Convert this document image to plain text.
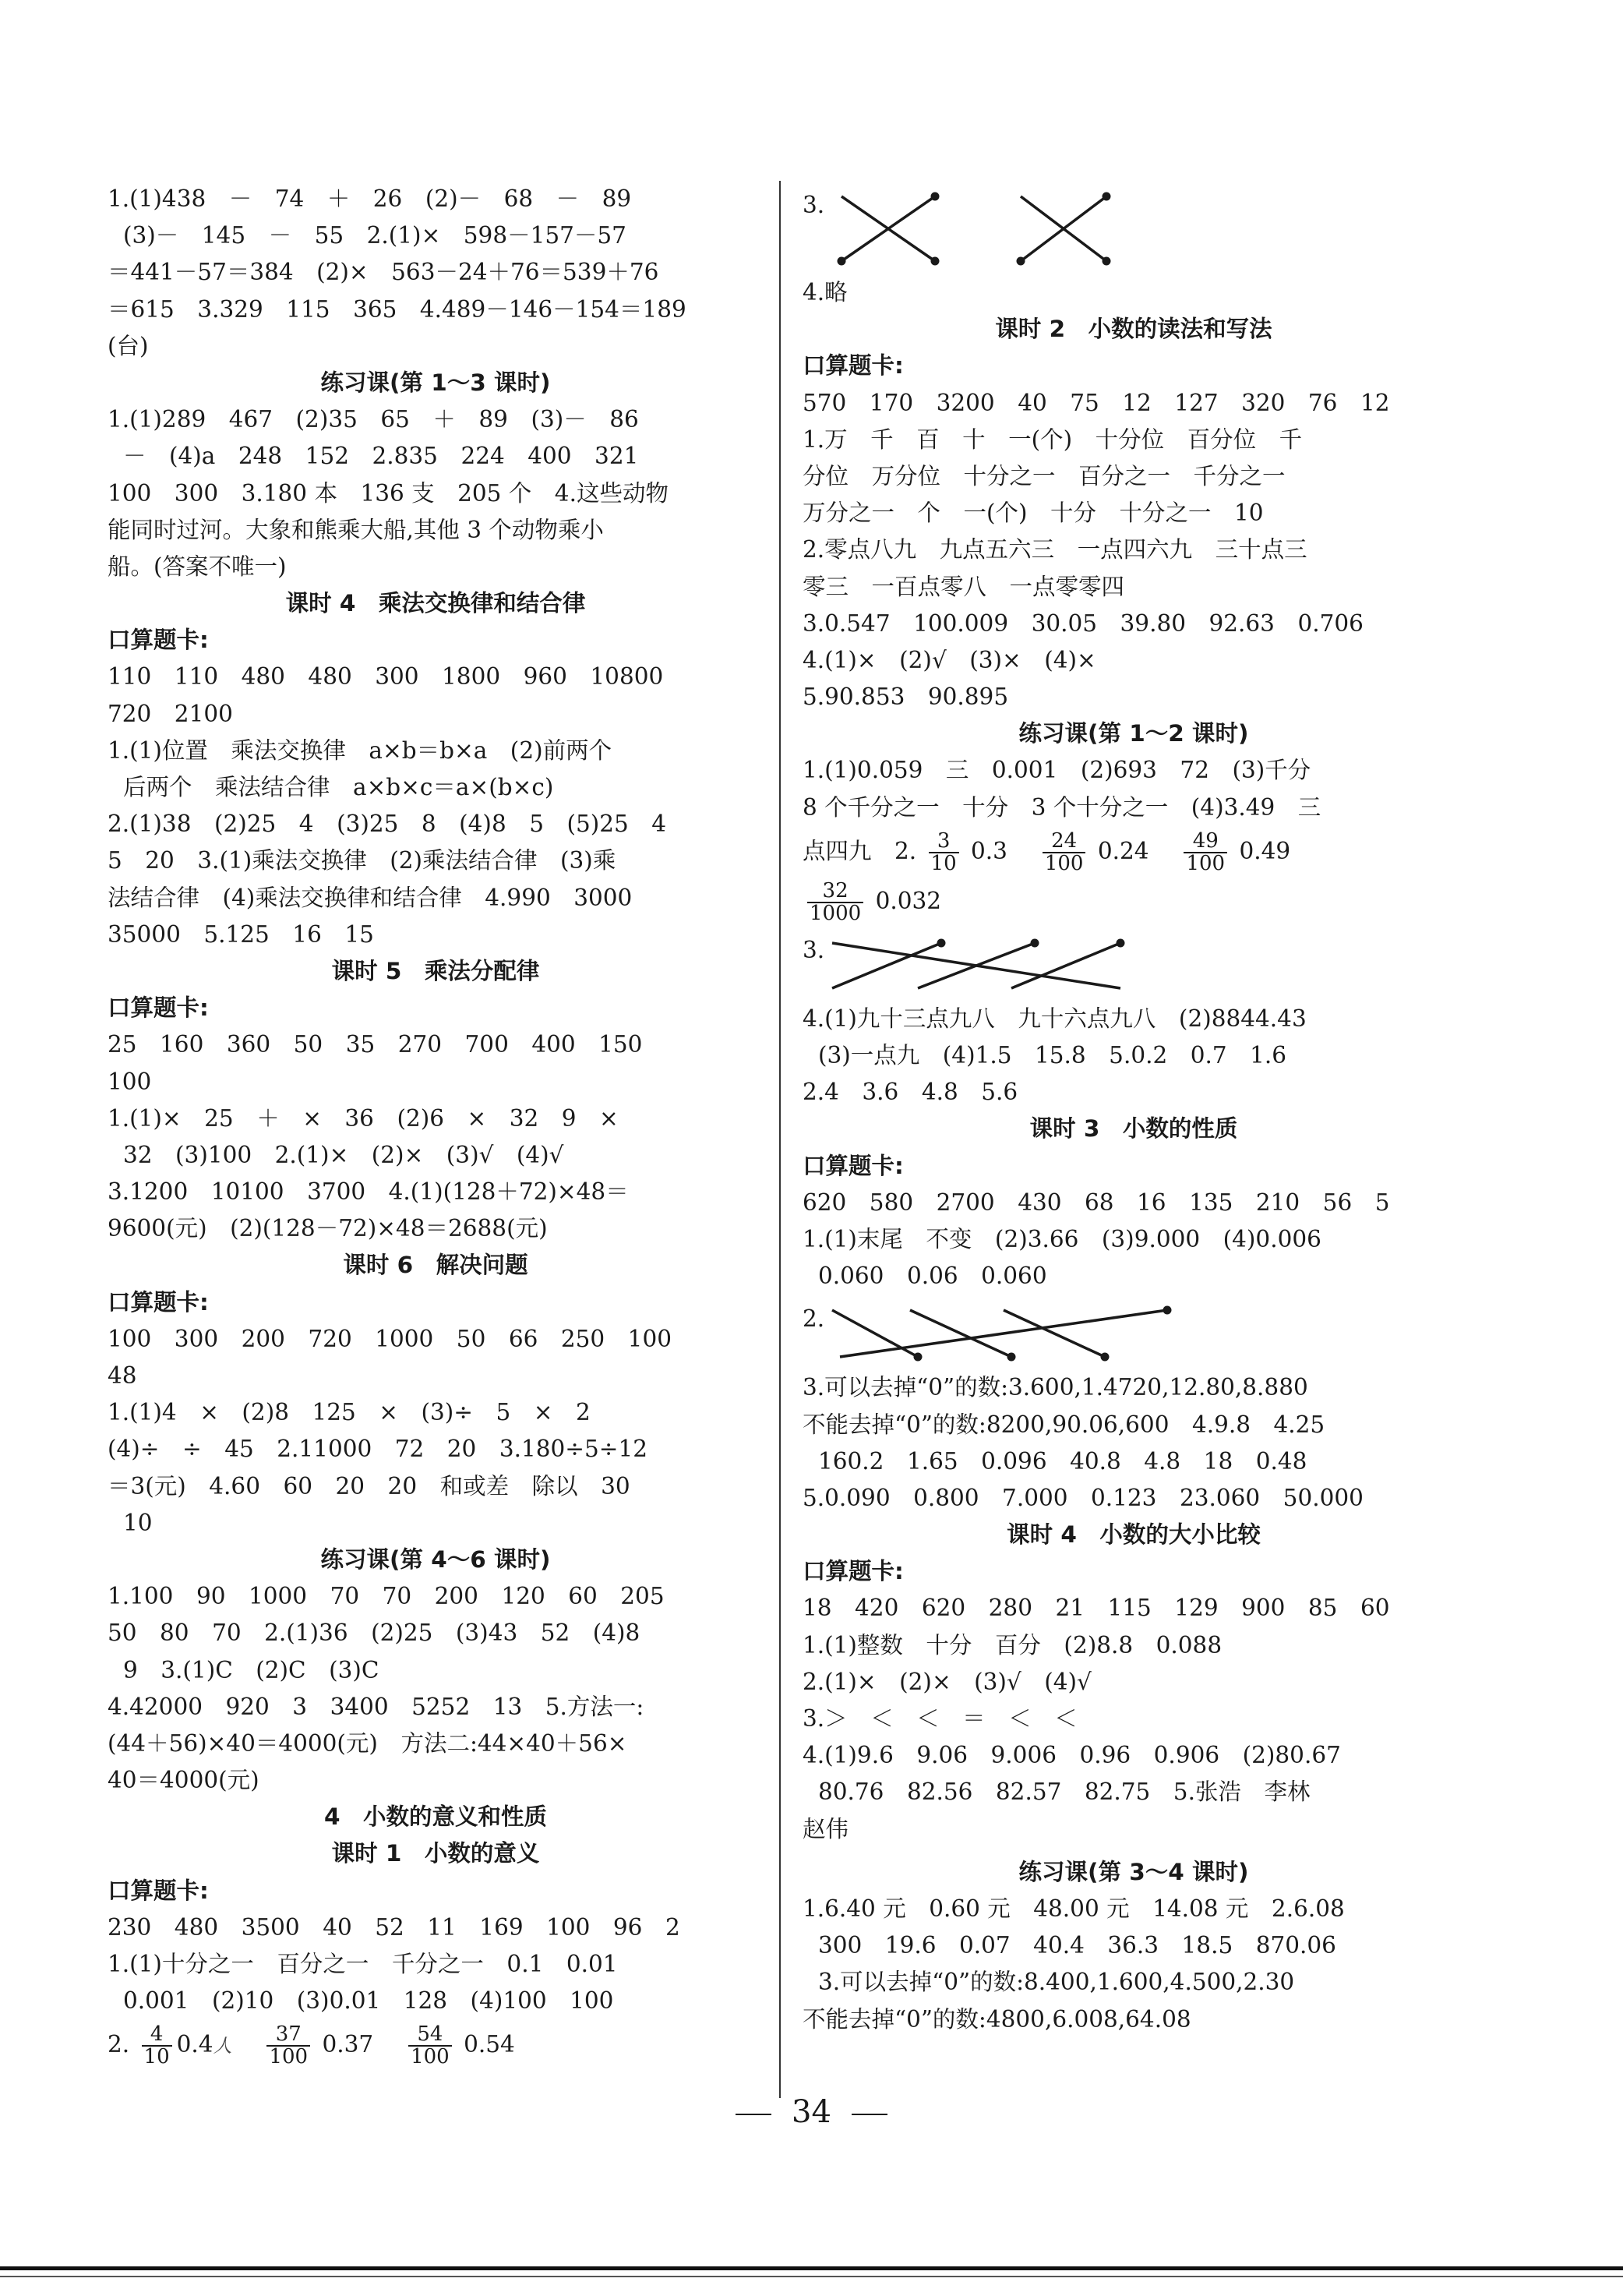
1.(1)438　－　74　＋　26　(2)－　68　－　89
(3)－　145　－　55　2.(1)×　598－157－57
＝441－57＝384　(2)×　563－24＋76＝539＋76
＝615　3.329　115　365　4.489－146－154＝189
(台)
练习课(第 1～3 课时)
1.(1)289　467　(2)35　65　＋　89　(3)－　86
－　(4)a　248　152　2.835　224　400　321
100　300　3.180 本　136 支　205 个　4.这些动物
能同时过河。大象和熊乘大船,其他 3 个动物乘小
船。(答案不唯一)
课时 4　乘法交换律和结合律
口算题卡:
110　110　480　480　300　1800　960　10800
720　2100
1.(1)位置　乘法交换律　a×b＝b×a　(2)前两个
后两个　乘法结合律　a×b×c＝a×(b×c)
2.(1)38　(2)25　4　(3)25　8　(4)8　5　(5)25　4
5　20　3.(1)乘法交换律　(2)乘法结合律　(3)乘
法结合律　(4)乘法交换律和结合律　4.990　3000
35000　5.125　16　15
课时 5　乘法分配律
口算题卡:
25　160　360　50　35　270　700　400　150
100
1.(1)×　25　＋　×　36　(2)6　×　32　9　×
32　(3)100　2.(1)×　(2)×　(3)√　(4)√
3.1200　10100　3700　4.(1)(128＋72)×48＝
9600(元)　(2)(128－72)×48＝2688(元)
课时 6　解决问题
口算题卡:
100　300　200　720　1000　50　66　250　100
48
1.(1)4　×　(2)8　125　×　(3)÷　5　×　2
(4)÷　÷　45　2.11000　72　20　3.180÷5÷12
＝3(元)　4.60　60　20　20　和或差　除以　30
10
练习课(第 4～6 课时)
1.100　90　1000　70　70　200　120　60　205
50　80　70　2.(1)36　(2)25　(3)43　52　(4)8
9　3.(1)C　(2)C　(3)C
4.42000　920　3　3400　5252　13　5.方法一:
(44＋56)×40＝4000(元)　方法二:44×40＋56×
40＝4000(元)
4　小数的意义和性质
课时 1　小数的意义
口算题卡:
230　480　3500　40　52　11　169　100　96　2
1.(1)十分之一　百分之一　千分之一　0.1　0.01
0.001　(2)10　(3)0.01　128　(4)100　100
2. $\frac{4}{10} 0.4$人 　 $\frac{37}{100} 0.37$ 　 $\frac{54}{100} 0.54$
3.
4.略
课时 2　小数的读法和写法
口算题卡:
570　170　3200　40　75　12　127　320　76　12
1.万　千　百　十　一(个)　十分位　百分位　千
分位　万分位　十分之一　百分之一　千分之一
万分之一　个　一(个)　十分　十分之一　10
2.零点八九　九点五六三　一点四六九　三十点三
零三　一百点零八　一点零零四
3.0.547　100.009　30.05　39.80　92.63　0.706
4.(1)×　(2)√　(3)×　(4)×
5.90.853　90.895
练习课(第 1～2 课时)
1.(1)0.059　三　0.001　(2)693　72　(3)千分
8 个千分之一　十分　3 个十分之一　(4)3.49　三
点四九　2. $\frac{3}{10} 0.3$ 　 $\frac{24}{100} 0.24$ 　 $\frac{49}{100} 0.49$
$\frac{32}{1000} 0.032$
3.
4.(1)九十三点九八　九十六点九八　(2)8844.43
(3)一点九　(4)1.5　15.8　5.0.2　0.7　1.6
2.4　3.6　4.8　5.6
课时 3　小数的性质
口算题卡:
620　580　2700　430　68　16　135　210　56　5
1.(1)末尾　不变　(2)3.66　(3)9.000　(4)0.006
0.060　0.06　0.060
2.
3.可以去掉“0”的数:3.600,1.4720,12.80,8.880
不能去掉“0”的数:8200,90.06,600　4.9.8　4.25
160.2　1.65　0.096　40.8　4.8　18　0.48
5.0.090　0.800　7.000　0.123　23.060　50.000
课时 4　小数的大小比较
口算题卡:
18　420　620　280　21　115　129　900　85　60
1.(1)整数　十分　百分　(2)8.8　0.088
2.(1)×　(2)×　(3)√　(4)√
3.＞　＜　＜　＝　＜　＜
4.(1)9.6　9.06　9.006　0.96　0.906　(2)80.67
80.76　82.56　82.57　82.75　5.张浩　李林
赵伟
练习课(第 3～4 课时)
1.6.40 元　0.60 元　48.00 元　14.08 元　2.6.08
300　19.6　0.07　40.4　36.3　18.5　870.06
3.可以去掉“0”的数:8.400,1.600,4.500,2.30
不能去掉“0”的数:4800,6.008,64.08
34
